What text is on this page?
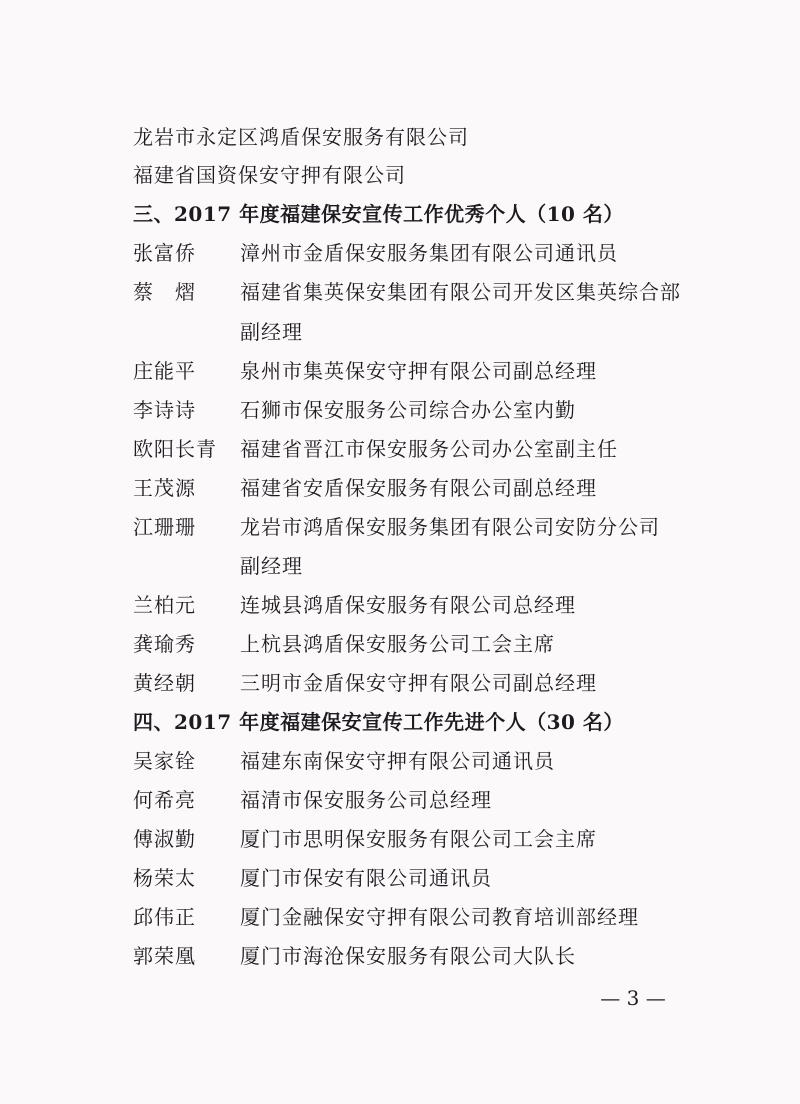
龙岩市永定区鸿盾保安服务有限公司
福建省国资保安守押有限公司
三、2017 年度福建保安宣传工作优秀个人（10 名）
张富侨 漳州市金盾保安服务集团有限公司通讯员
蔡　熠 福建省集英保安集团有限公司开发区集英综合部
副经理
庄能平 泉州市集英保安守押有限公司副总经理
李诗诗 石狮市保安服务公司综合办公室内勤
欧阳长青 福建省晋江市保安服务公司办公室副主任
王茂源 福建省安盾保安服务有限公司副总经理
江珊珊 龙岩市鸿盾保安服务集团有限公司安防分公司
副经理
兰柏元 连城县鸿盾保安服务有限公司总经理
龚瑜秀 上杭县鸿盾保安服务公司工会主席
黄经朝 三明市金盾保安守押有限公司副总经理
四、2017 年度福建保安宣传工作先进个人（30 名）
吴家铨 福建东南保安守押有限公司通讯员
何希亮 福清市保安服务公司总经理
傅淑勤 厦门市思明保安服务有限公司工会主席
杨荣太 厦门市保安有限公司通讯员
邱伟正 厦门金融保安守押有限公司教育培训部经理
郭荣凰 厦门市海沧保安服务有限公司大队长
— 3 —
